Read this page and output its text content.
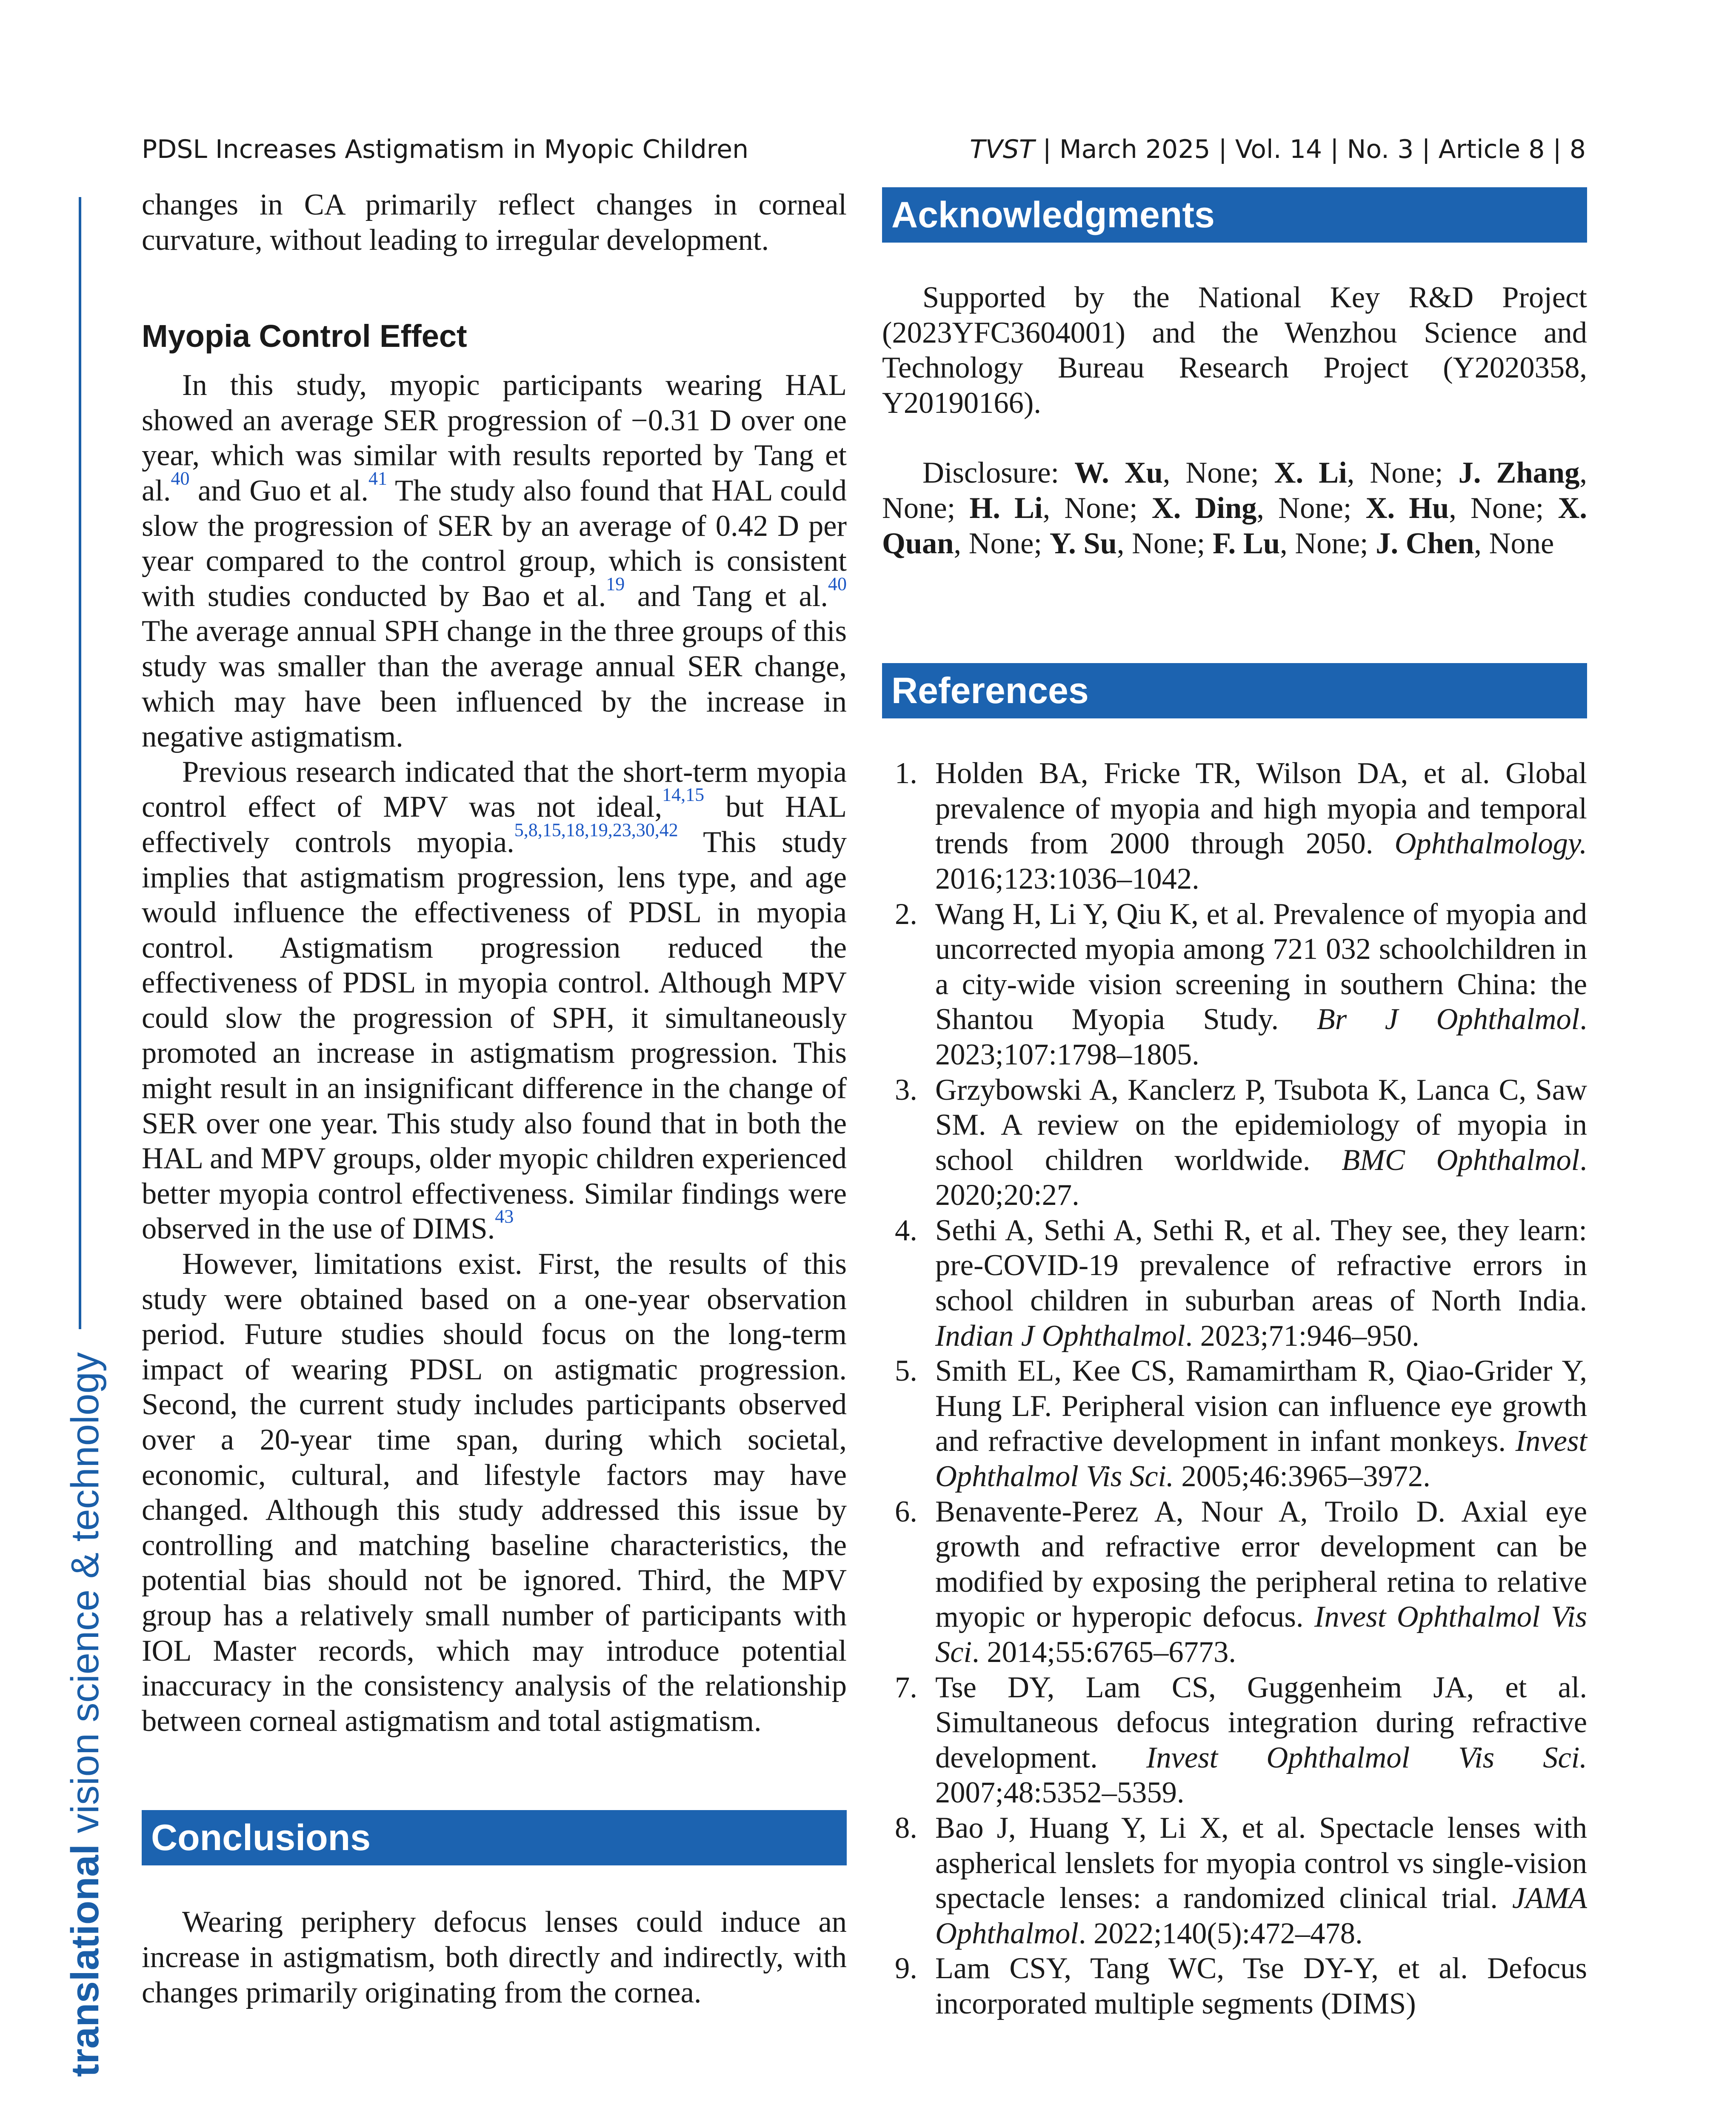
PDSL Increases Astigmatism in Myopic Children	TVST | March 2025 | Vol. 14 | No. 3 | Article 8 | 8
translational vision science & technology

changes in CA primarily reflect changes in corneal curvature, without leading to irregular development.

Myopia Control Effect

In this study, myopic participants wearing HAL showed an average SER progression of −0.31 D over one year, which was similar with results reported by Tang et al.$^{40}$ and Guo et al.$^{41}$ The study also found that HAL could slow the progression of SER by an average of 0.42 D per year compared to the control group, which is consistent with studies conducted by Bao et al.$^{19}$ and Tang et al.$^{40}$ The average annual SPH change in the three groups of this study was smaller than the average annual SER change, which may have been influenced by the increase in negative astigmatism.

Previous research indicated that the short-term myopia control effect of MPV was not ideal,$^{14,15}$ but HAL effectively controls myopia.$^{5,8,15,18,19,23,30,42}$ This study implies that astigmatism progression, lens type, and age would influence the effectiveness of PDSL in myopia control. Astigmatism progression reduced the effectiveness of PDSL in myopia control. Although MPV could slow the progression of SPH, it simultaneously promoted an increase in astigmatism progression. This might result in an insignificant difference in the change of SER over one year. This study also found that in both the HAL and MPV groups, older myopic children experienced better myopia control effectiveness. Similar findings were observed in the use of DIMS.$^{43}$

However, limitations exist. First, the results of this study were obtained based on a one-year observation period. Future studies should focus on the long-term impact of wearing PDSL on astigmatic progression. Second, the current study includes participants observed over a 20-year time span, during which societal, economic, cultural, and lifestyle factors may have changed. Although this study addressed this issue by controlling and matching baseline characteristics, the potential bias should not be ignored. Third, the MPV group has a relatively small number of participants with IOL Master records, which may introduce potential inaccuracy in the consistency analysis of the relationship between corneal astigmatism and total astigmatism.

Conclusions

Wearing periphery defocus lenses could induce an increase in astigmatism, both directly and indirectly, with changes primarily originating from the cornea.

Acknowledgments

Supported by the National Key R&D Project (2023YFC3604001) and the Wenzhou Science and Technology Bureau Research Project (Y2020358, Y20190166).

Disclosure: W. Xu, None; X. Li, None; J. Zhang, None; H. Li, None; X. Ding, None; X. Hu, None; X. Quan, None; Y. Su, None; F. Lu, None; J. Chen, None

References
1. Holden BA, Fricke TR, Wilson DA, et al. Global prevalence of myopia and high myopia and temporal trends from 2000 through 2050. Ophthalmology. 2016;123:1036–1042.
2. Wang H, Li Y, Qiu K, et al. Prevalence of myopia and uncorrected myopia among 721 032 schoolchildren in a city-wide vision screening in southern China: the Shantou Myopia Study. Br J Ophthalmol. 2023;107:1798–1805.
3. Grzybowski A, Kanclerz P, Tsubota K, Lanca C, Saw SM. A review on the epidemiology of myopia in school children worldwide. BMC Ophthalmol. 2020;20:27.
4. Sethi A, Sethi A, Sethi R, et al. They see, they learn: pre-COVID-19 prevalence of refractive errors in school children in suburban areas of North India. Indian J Ophthalmol. 2023;71:946–950.
5. Smith EL, Kee CS, Ramamirtham R, Qiao-Grider Y, Hung LF. Peripheral vision can influence eye growth and refractive development in infant monkeys. Invest Ophthalmol Vis Sci. 2005;46:3965–3972.
6. Benavente-Perez A, Nour A, Troilo D. Axial eye growth and refractive error development can be modified by exposing the peripheral retina to relative myopic or hyperopic defocus. Invest Ophthalmol Vis Sci. 2014;55:6765–6773.
7. Tse DY, Lam CS, Guggenheim JA, et al. Simultaneous defocus integration during refractive development. Invest Ophthalmol Vis Sci. 2007;48:5352–5359.
8. Bao J, Huang Y, Li X, et al. Spectacle lenses with aspherical lenslets for myopia control vs single-vision spectacle lenses: a randomized clinical trial. JAMA Ophthalmol. 2022;140(5):472–478.
9. Lam CSY, Tang WC, Tse DY-Y, et al. Defocus incorporated multiple segments (DIMS)
